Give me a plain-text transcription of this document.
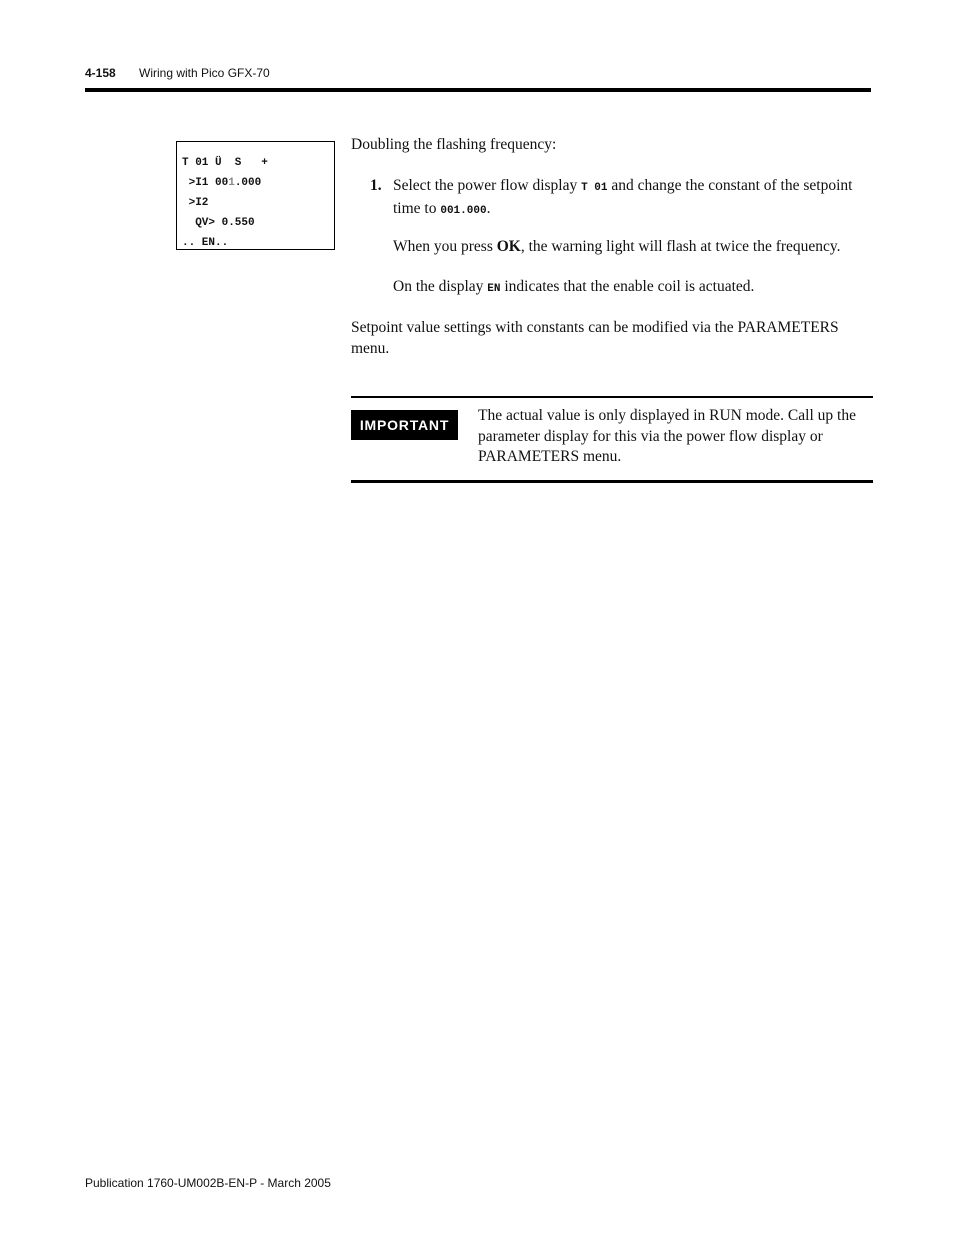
4-158 Wiring with Pico GFX-70
T 01 Ü  S   +
>I1 001.000
>I2
QV> 0.550
.. EN..

Doubling the flashing frequency:

1. Select the power flow display T 01 and change the constant of the setpoint time to 001.000.

When you press OK, the warning light will flash at twice the frequency.

On the display EN indicates that the enable coil is actuated.

Setpoint value settings with constants can be modified via the PARAMETERS menu.

IMPORTANT
The actual value is only displayed in RUN mode. Call up the parameter display for this via the power flow display or PARAMETERS menu.
Publication 1760-UM002B-EN-P - March 2005
